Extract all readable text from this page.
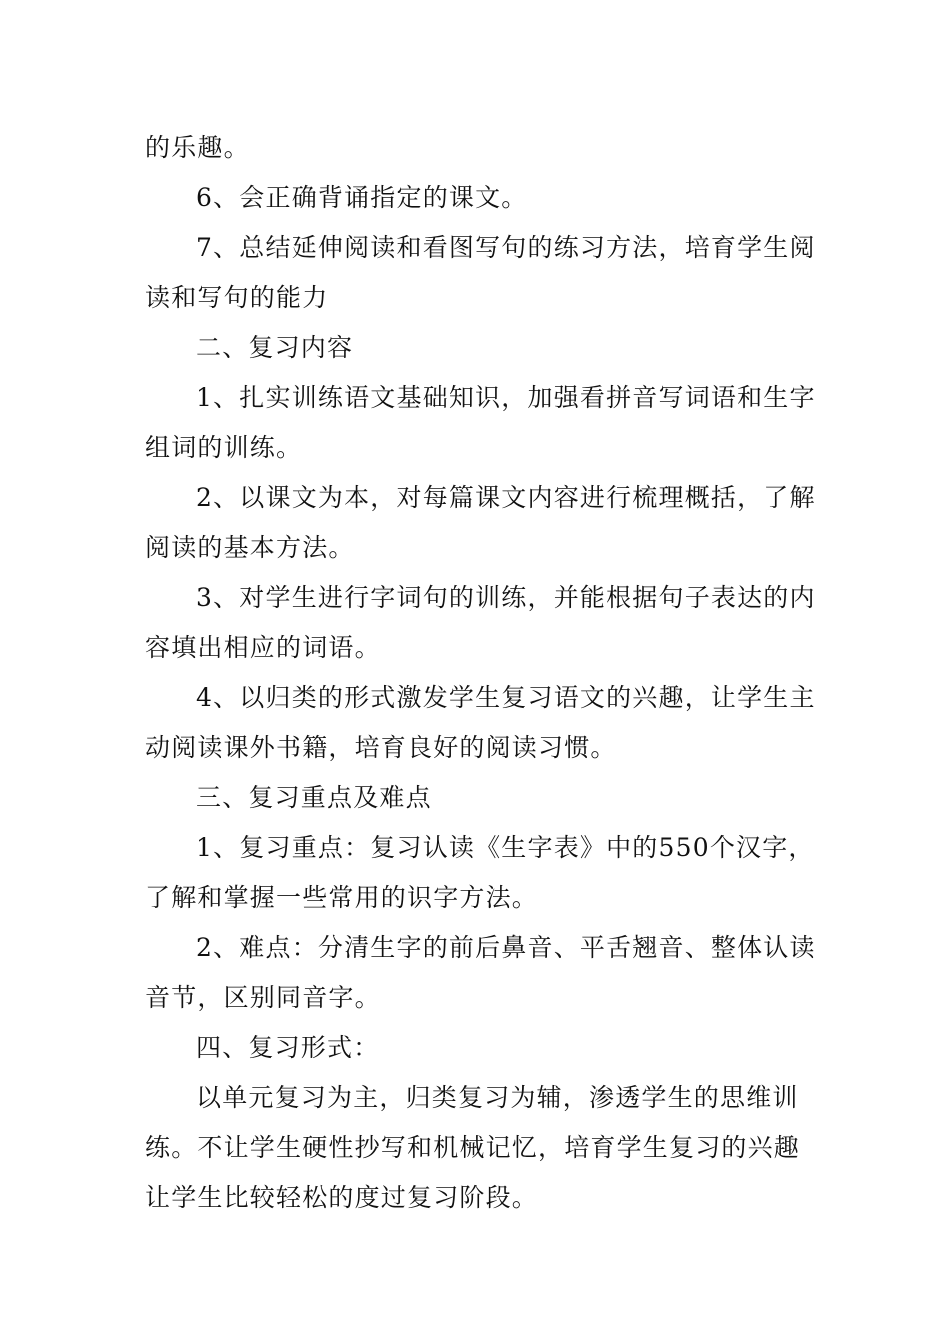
的乐趣。
6、会正确背诵指定的课文。
7、总结延伸阅读和看图写句的练习方法，培育学生阅
读和写句的能力
二、复习内容
1、扎实训练语文基础知识，加强看拼音写词语和生字
组词的训练。
2、以课文为本，对每篇课文内容进行梳理概括，了解
阅读的基本方法。
3、对学生进行字词句的训练，并能根据句子表达的内
容填出相应的词语。
4、以归类的形式激发学生复习语文的兴趣，让学生主
动阅读课外书籍，培育良好的阅读习惯。
三、复习重点及难点
1、复习重点：复习认读《生字表》中的550个汉字，
了解和掌握一些常用的识字方法。
2、难点：分清生字的前后鼻音、平舌翘音、整体认读
音节，区别同音字。
四、复习形式：
以单元复习为主，归类复习为辅，渗透学生的思维训
练。不让学生硬性抄写和机械记忆，培育学生复习的兴趣
让学生比较轻松的度过复习阶段。
